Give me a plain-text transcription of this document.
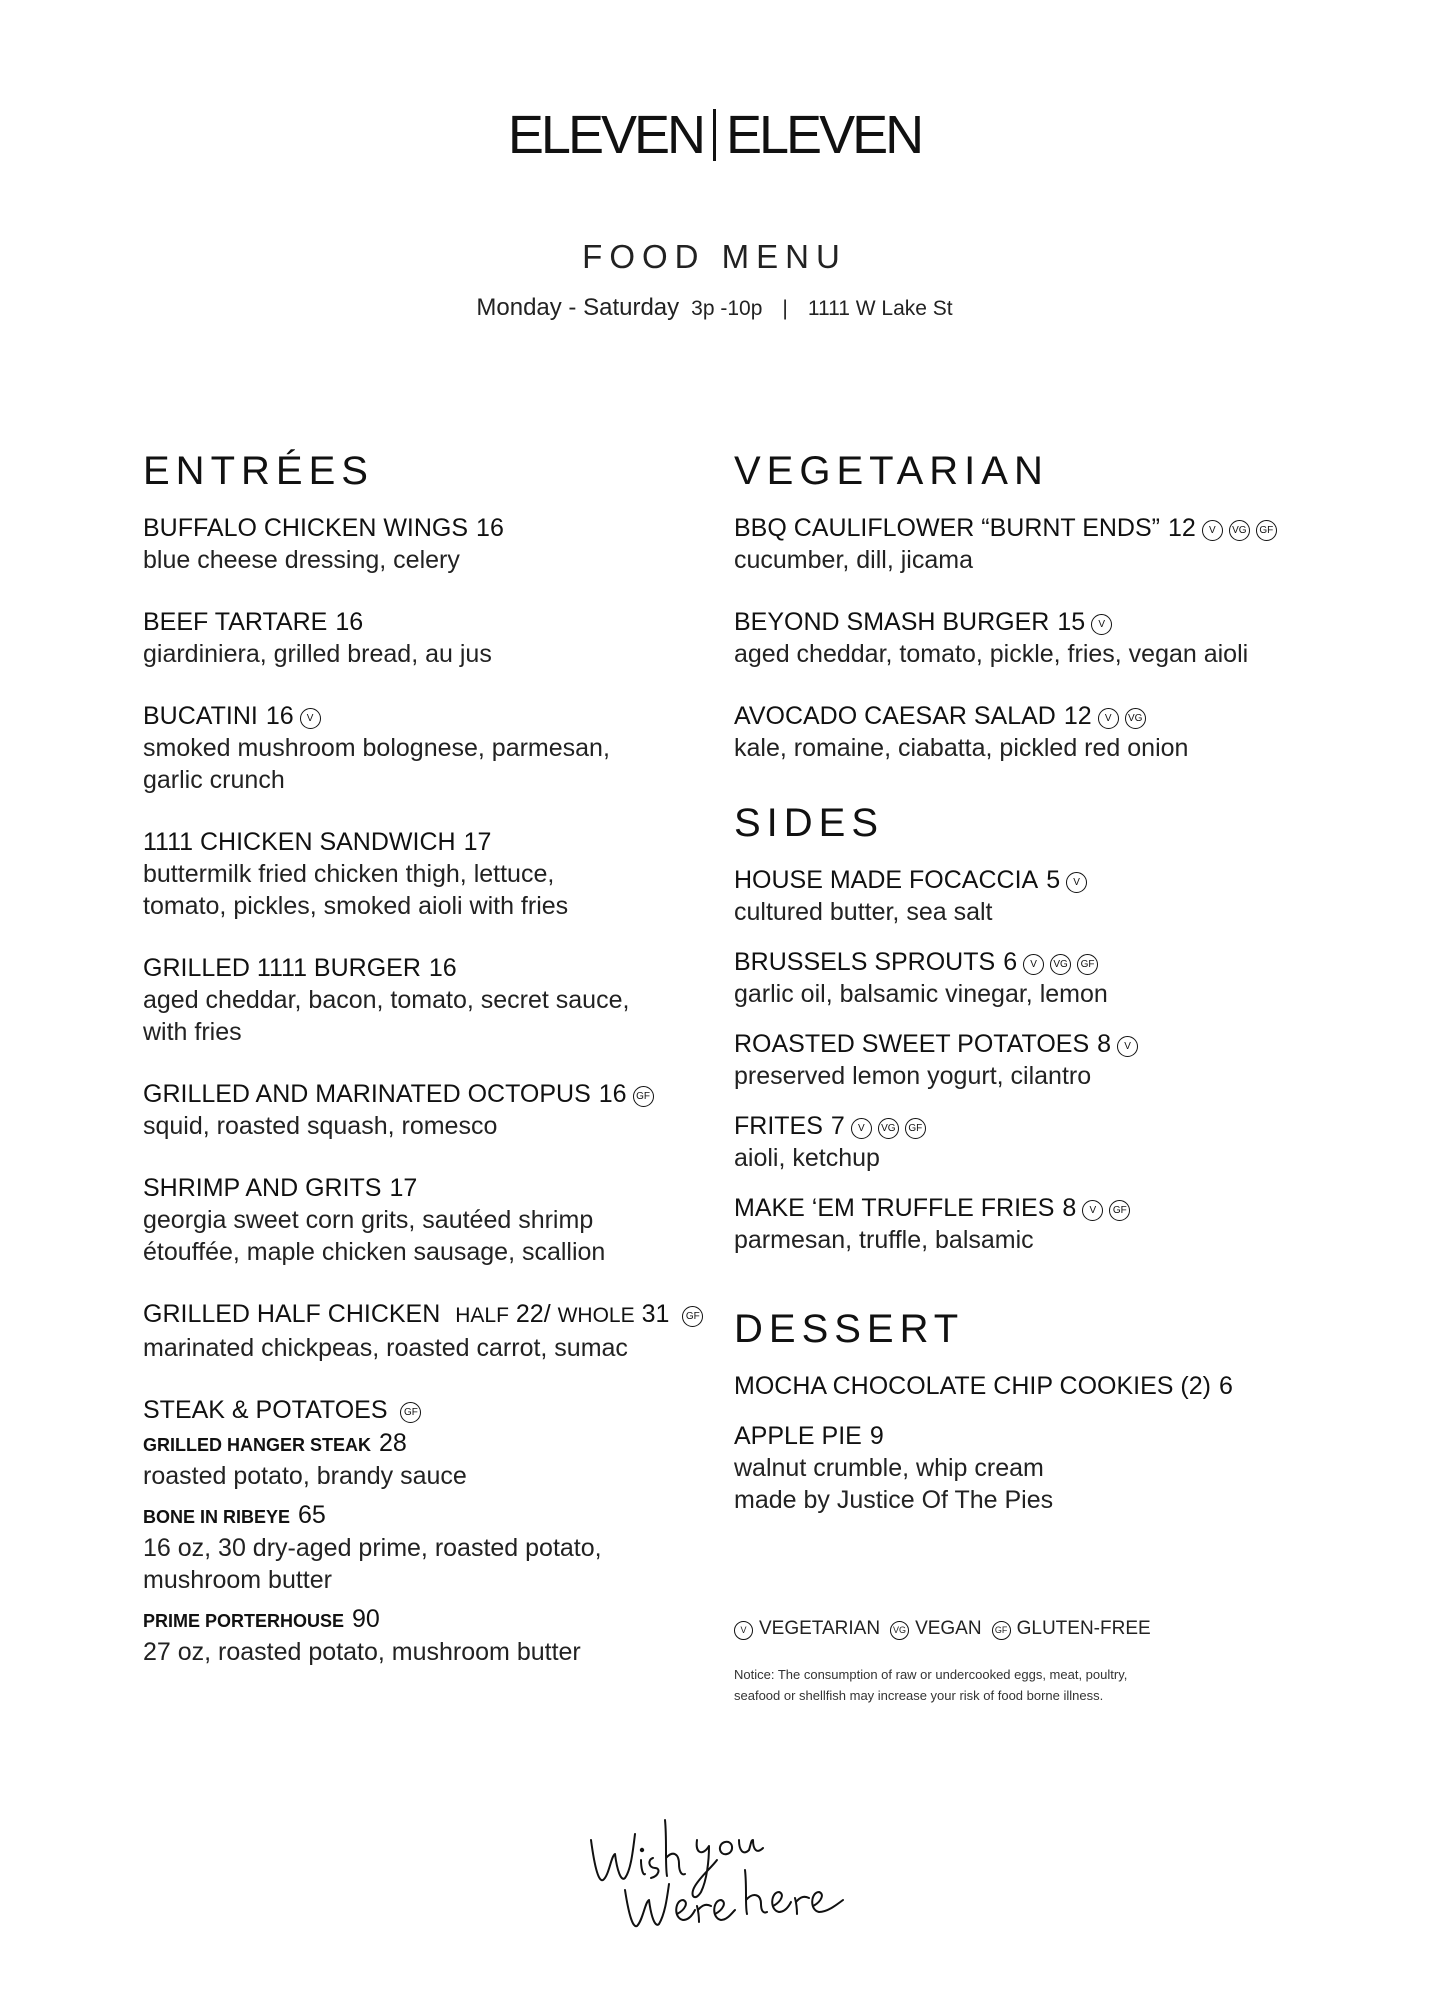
ELEVEN ELEVEN
FOOD MENU
Monday - Saturday 3p -10p | 1111 W Lake St
ENTRÉES
BUFFALO CHICKEN WINGS 16
blue cheese dressing, celery
BEEF TARTARE 16
giardiniera, grilled bread, au jus
BUCATINI 16 V
smoked mushroom bolognese, parmesan,
garlic crunch
1111 CHICKEN SANDWICH 17
buttermilk fried chicken thigh, lettuce,
tomato, pickles, smoked aioli with fries
GRILLED 1111 BURGER 16
aged cheddar, bacon, tomato, secret sauce,
with fries
GRILLED AND MARINATED OCTOPUS 16 GF
squid, roasted squash, romesco
SHRIMP AND GRITS 17
georgia sweet corn grits, sautéed shrimp
étouffée, maple chicken sausage, scallion
GRILLED HALF CHICKEN HALF 22/ WHOLE 31 GF
marinated chickpeas, roasted carrot, sumac
STEAK & POTATOES GF
GRILLED HANGER STEAK 28
roasted potato, brandy sauce
BONE IN RIBEYE 65
16 oz, 30 dry-aged prime, roasted potato,
mushroom butter
PRIME PORTERHOUSE 90
27 oz, roasted potato, mushroom butter
VEGETARIAN
BBQ CAULIFLOWER “BURNT ENDS” 12 V VG GF
cucumber, dill, jicama
BEYOND SMASH BURGER 15 V
aged cheddar, tomato, pickle, fries, vegan aioli
AVOCADO CAESAR SALAD 12 V VG
kale, romaine, ciabatta, pickled red onion
SIDES
HOUSE MADE FOCACCIA 5 V
cultured butter, sea salt
BRUSSELS SPROUTS 6 V VG GF
garlic oil, balsamic vinegar, lemon
ROASTED SWEET POTATOES 8 V
preserved lemon yogurt, cilantro
FRITES 7 V VG GF
aioli, ketchup
MAKE ‘EM TRUFFLE FRIES 8 V GF
parmesan, truffle, balsamic
DESSERT
MOCHA CHOCOLATE CHIP COOKIES (2) 6
APPLE PIE 9
walnut crumble, whip cream
made by Justice Of The Pies
V VEGETARIAN VG VEGAN GF GLUTEN-FREE
Notice: The consumption of raw or undercooked eggs, meat, poultry, seafood or shellfish may increase your risk of food borne illness.
